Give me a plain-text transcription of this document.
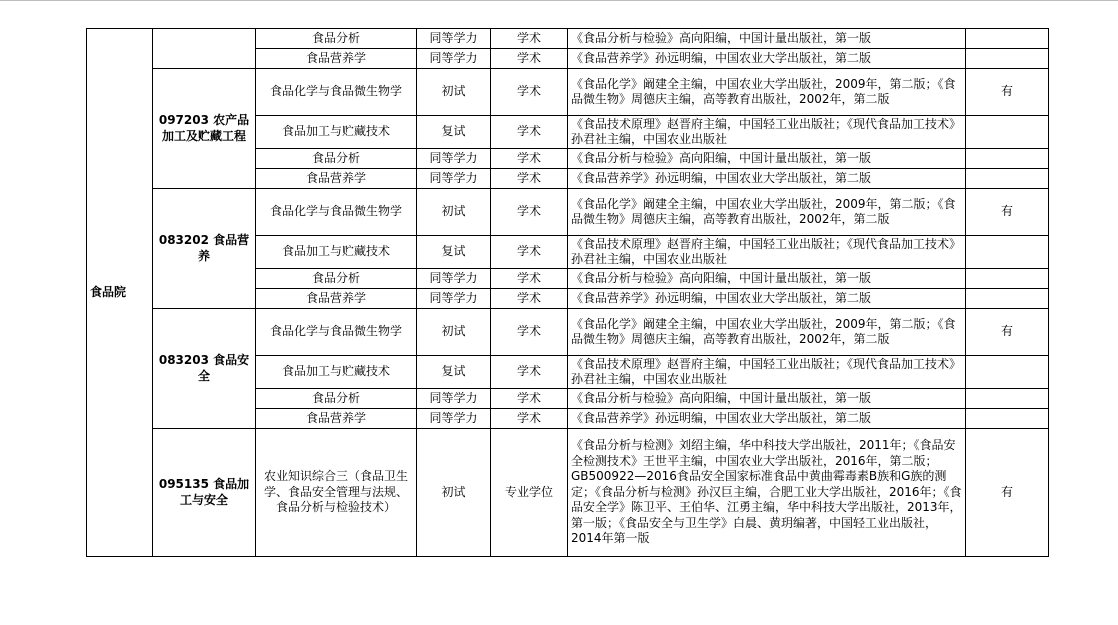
食品院		食品分析	同等学力	学术	《食品分析与检验》高向阳编，中国计量出版社，第一版	
		食品营养学	同等学力	学术	《食品营养学》孙远明编，中国农业大学出版社，第二版	
	097203 农产品加工及贮藏工程	食品化学与食品微生物学	初试	学术	《食品化学》阚建全主编，中国农业大学出版社，2009年，第二版；《食品微生物》周德庆主编，高等教育出版社，2002年，第二版	有
		食品加工与贮藏技术	复试	学术	《食品技术原理》赵晋府主编，中国轻工业出版社；《现代食品加工技术》孙君社主编，中国农业出版社	
		食品分析	同等学力	学术	《食品分析与检验》高向阳编，中国计量出版社，第一版	
		食品营养学	同等学力	学术	《食品营养学》孙远明编，中国农业大学出版社，第二版	
	083202 食品营养	食品化学与食品微生物学	初试	学术	《食品化学》阚建全主编，中国农业大学出版社，2009年，第二版；《食品微生物》周德庆主编，高等教育出版社，2002年，第二版	有
		食品加工与贮藏技术	复试	学术	《食品技术原理》赵晋府主编，中国轻工业出版社；《现代食品加工技术》孙君社主编，中国农业出版社	
		食品分析	同等学力	学术	《食品分析与检验》高向阳编，中国计量出版社，第一版	
		食品营养学	同等学力	学术	《食品营养学》孙远明编，中国农业大学出版社，第二版	
	083203 食品安全	食品化学与食品微生物学	初试	学术	《食品化学》阚建全主编，中国农业大学出版社，2009年，第二版；《食品微生物》周德庆主编，高等教育出版社，2002年，第二版	有
		食品加工与贮藏技术	复试	学术	《食品技术原理》赵晋府主编，中国轻工业出版社；《现代食品加工技术》孙君社主编，中国农业出版社	
		食品分析	同等学力	学术	《食品分析与检验》高向阳编，中国计量出版社，第一版	
		食品营养学	同等学力	学术	《食品营养学》孙远明编，中国农业大学出版社，第二版	
	095135 食品加工与安全	农业知识综合三（食品卫生学、食品安全管理与法规、食品分析与检验技术）	初试	专业学位	《食品分析与检测》刘绍主编，华中科技大学出版社，2011年；《食品安全检测技术》王世平主编，中国农业大学出版社，2016年，第二版；GB500922—2016食品安全国家标准食品中黄曲霉毒素B族和G族的测定；《食品分析与检测》孙汉巨主编，合肥工业大学出版社，2016年；《食品安全学》陈卫平、王伯华、江勇主编，华中科技大学出版社，2013年，第一版；《食品安全与卫生学》白晨、黄玥编著，中国轻工业出版社，2014年第一版	有
